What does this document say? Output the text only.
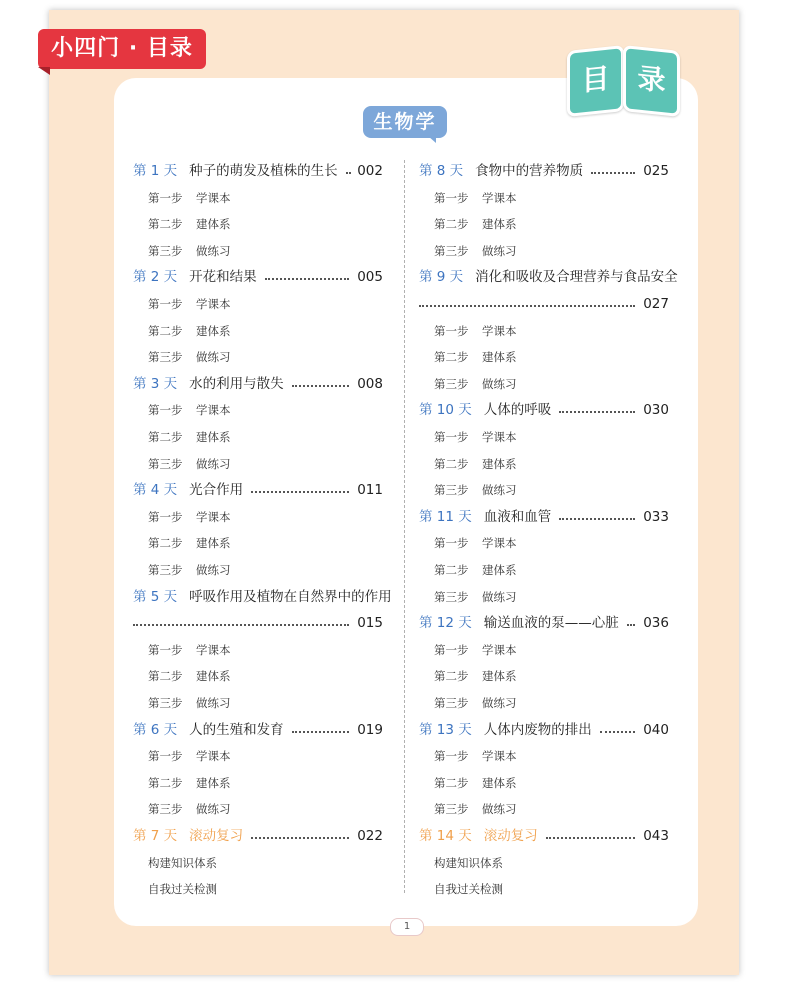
小四门 · 目录
目 录
生物学
第 1 天 种子的萌发及植株的生长 002
第一步 学课本
第二步 建体系
第三步 做练习
第 2 天 开花和结果	005
第一步 学课本
第二步 建体系
第三步 做练习
第 3 天 水的利用与散失	008
第一步 学课本
第二步 建体系
第三步 做练习
第 4 天 光合作用	011
第一步 学课本
第二步 建体系
第三步 做练习
第 5 天 呼吸作用及植物在自然界中的作用
015
第一步 学课本
第二步 建体系
第三步 做练习
第 6 天 人的生殖和发育	019
第一步 学课本
第二步 建体系
第三步 做练习
第 7 天 滚动复习	022
构建知识体系
自我过关检测
第 8 天 食物中的营养物质	025
第一步 学课本
第二步 建体系
第三步 做练习
第 9 天 消化和吸收及合理营养与食品安全
027
第一步 学课本
第二步 建体系
第三步 做练习
第 10 天 人体的呼吸	030
第一步 学课本
第二步 建体系
第三步 做练习
第 11 天 血液和血管	033
第一步 学课本
第二步 建体系
第三步 做练习
第 12 天 输送血液的泵——心脏 036
第一步 学课本
第二步 建体系
第三步 做练习
第 13 天 人体内废物的排出	040
第一步 学课本
第二步 建体系
第三步 做练习
第 14 天 滚动复习	043
构建知识体系
自我过关检测
1
